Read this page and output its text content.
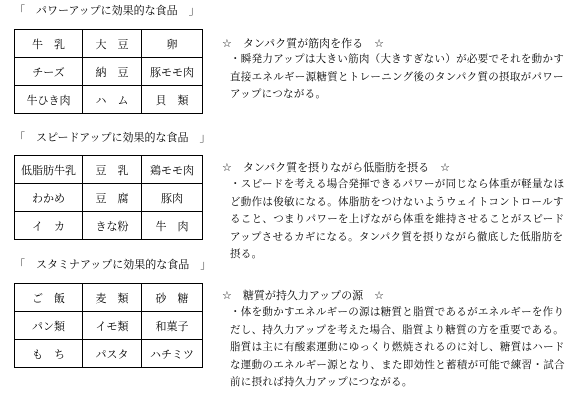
「　パワーアップに効果的な食品　」
牛　乳	大　豆	卵
チーズ	納　豆	豚モモ肉
牛ひき肉	ハ　ム	貝　類
☆　タンパク質が筋肉を作る　☆
・瞬発力アップは大きい筋肉（大きすぎない）が必要でそれを動かす直接エネルギー源糖質とトレーニング後のタンパク質の摂取がパワーアップにつながる。
「　スピードアップに効果的な食品　」
低脂肪牛乳	豆　乳	鶏モモ肉
わかめ	豆　腐	豚肉
イ　カ	きな粉	牛　肉
☆　タンパク質を摂りながら低脂肪を摂る　☆
・スピードを考える場合発揮できるパワーが同じなら体重が軽量なほど動作は俊敏になる。体脂肪をつけないようウェイトコントロールすること、つまりパワーを上げながら体重を維持させることがスピードアップさせるカギになる。タンパク質を摂りながら徹底した低脂肪を摂る。
「　スタミナアップに効果的な食品　」
ご　飯	麦　類	砂　糖
パン類	イモ類	和菓子
も　ち	パスタ	ハチミツ
☆　糖質が持久力アップの源　☆
・体を動かすエネルギーの源は糖質と脂質であるがエネルギーを作りだし、持久力アップを考えた場合、脂質より糖質の方を重要である。脂質は主に有酸素運動にゆっくり燃焼されるのに対し、糖質はハードな運動のエネルギー源となり、また即効性と蓄積が可能で練習・試合前に摂れば持久力アップにつながる。
